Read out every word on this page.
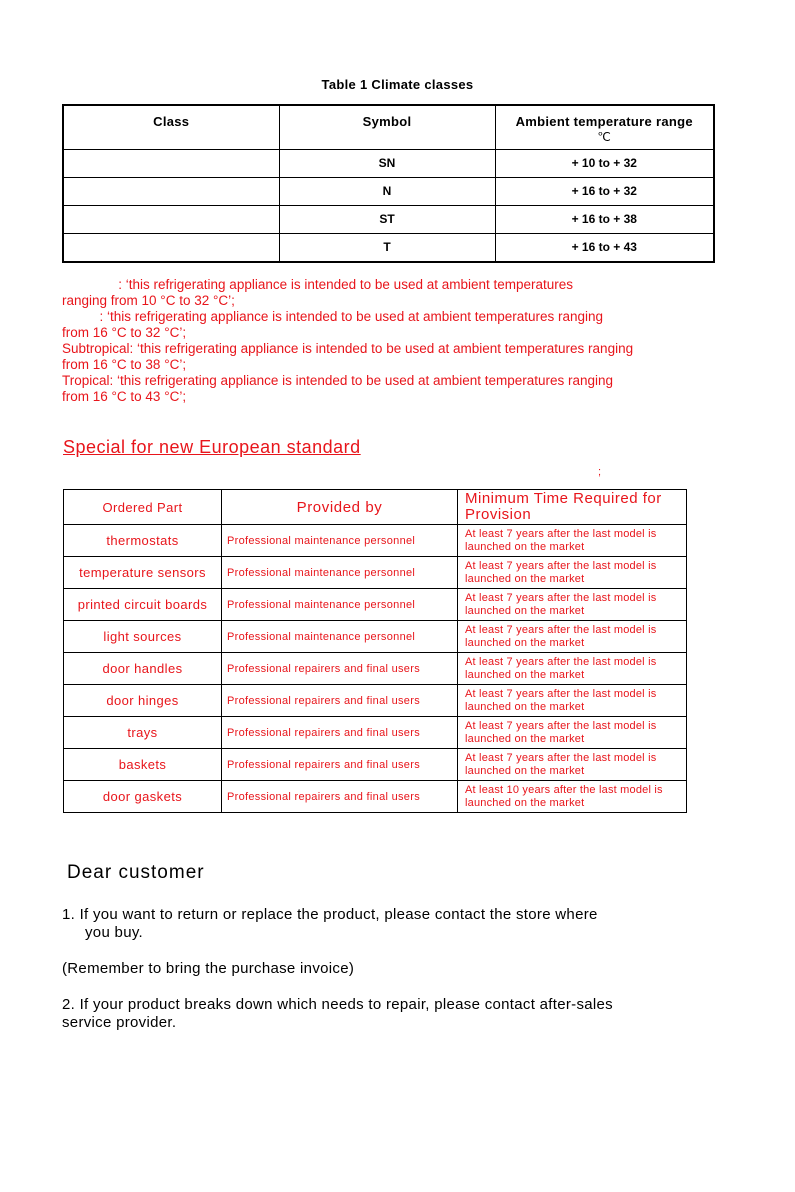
Table 1 Climate classes
Class	Symbol	Ambient temperature range
℃

	SN	+ 10 to + 32
	N	+ 16 to + 32
	ST	+ 16 to + 38
	T	+ 16 to + 43
: ‘this refrigerating appliance is intended to be used at ambient temperatures
ranging from 10 °C to 32 °C’;
: ‘this refrigerating appliance is intended to be used at ambient temperatures ranging
from 16 °C to 32 °C’;
Subtropical: ‘this refrigerating appliance is intended to be used at ambient temperatures ranging
from 16 °C to 38 °C’;
Tropical: ‘this refrigerating appliance is intended to be used at ambient temperatures ranging
from 16 °C to 43 °C’;
Special for new European standard
;
Ordered Part	Provided by	Minimum Time Required for Provision
thermostats	Professional maintenance personnel	At least 7 years after the last model is launched on the market
temperature sensors	Professional maintenance personnel	At least 7 years after the last model is launched on the market
printed circuit boards	Professional maintenance personnel	At least 7 years after the last model is launched on the market
light sources	Professional maintenance personnel	At least 7 years after the last model is launched on the market
door handles	Professional repairers and final users	At least 7 years after the last model is launched on the market
door hinges	Professional repairers and final users	At least 7 years after the last model is launched on the market
trays	Professional repairers and final users	At least 7 years after the last model is launched on the market
baskets	Professional repairers and final users	At least 7 years after the last model is launched on the market
door gaskets	Professional repairers and final users	At least 10 years after the last model is launched on the market
Dear customer

1. If you want to return or replace the product, please contact the store where

you buy.

(Remember to bring the purchase invoice)

2. If your product breaks down which needs to repair, please contact after-sales

service provider.
